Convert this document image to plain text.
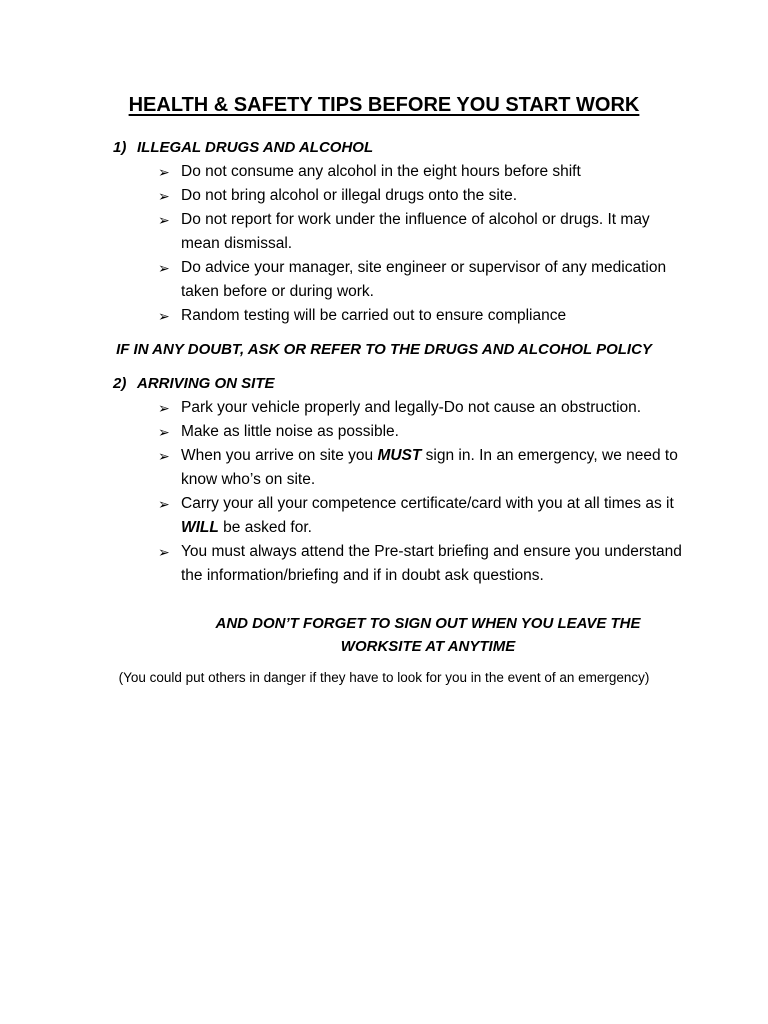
HEALTH & SAFETY TIPS BEFORE YOU START WORK
1) ILLEGAL DRUGS AND ALCOHOL
➢ Do not consume any alcohol in the eight hours before shift
➢ Do not bring alcohol or illegal drugs onto the site.
➢ Do not report for work under the influence of alcohol or drugs. It may mean dismissal.
➢ Do advice your manager, site engineer or supervisor of any medication taken before or during work.
➢ Random testing will be carried out to ensure compliance
IF IN ANY DOUBT, ASK OR REFER TO THE DRUGS AND ALCOHOL POLICY
2) ARRIVING ON SITE
➢ Park your vehicle properly and legally-Do not cause an obstruction.
➢ Make as little noise as possible.
➢ When you arrive on site you MUST sign in. In an emergency, we need to know who’s on site.
➢ Carry your all your competence certificate/card with you at all times as it WILL be asked for.
➢ You must always attend the Pre-start briefing and ensure you understand the information/briefing and if in doubt ask questions.
AND DON’T FORGET TO SIGN OUT WHEN YOU LEAVE THE WORKSITE AT ANYTIME
(You could put others in danger if they have to look for you in the event of an emergency)
